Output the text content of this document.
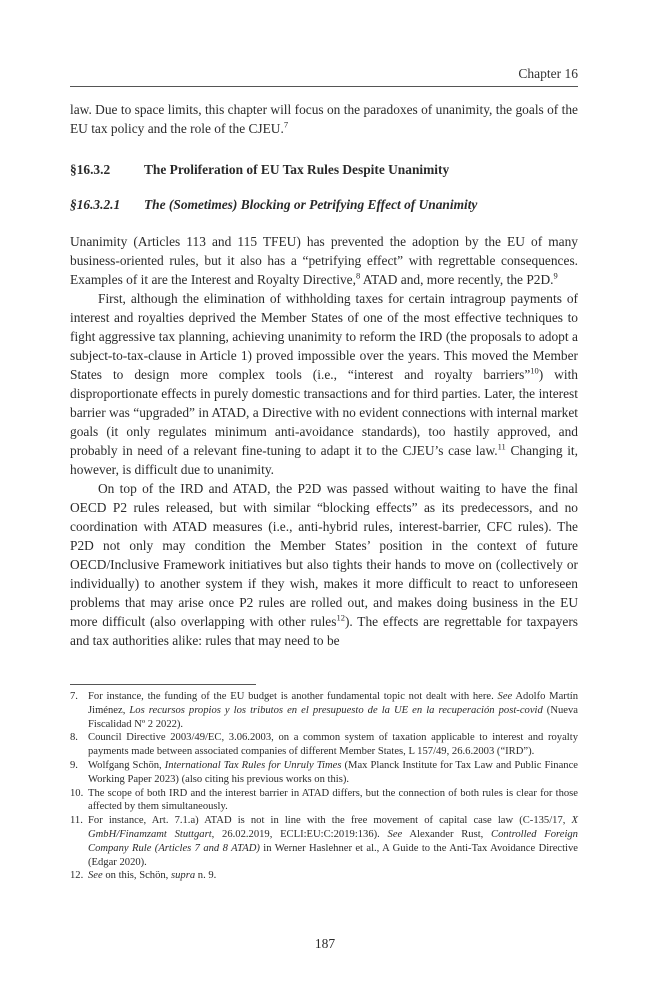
Chapter 16

law. Due to space limits, this chapter will focus on the paradoxes of unanimity, the goals of the EU tax policy and the role of the CJEU.$^7$

§16.3.2	The Proliferation of EU Tax Rules Despite Unanimity
§16.3.2.1 The (Sometimes) Blocking or Petrifying Effect of Unanimity

Unanimity (Articles 113 and 115 TFEU) has prevented the adoption by the EU of many business-oriented rules, but it also has a “petrifying effect” with regrettable consequences. Examples of it are the Interest and Royalty Directive,$^8$ ATAD and, more recently, the P2D.$^9$

First, although the elimination of withholding taxes for certain intragroup payments of interest and royalties deprived the Member States of one of the most effective techniques to fight aggressive tax planning, achieving unanimity to reform the IRD (the proposals to adopt a subject-to-tax-clause in Article 1) proved impossible over the years. This moved the Member States to design more complex tools (i.e., “interest and royalty barriers”$^{10}$) with disproportionate effects in purely domestic transactions and for third parties. Later, the interest barrier was “upgraded” in ATAD, a Directive with no evident connections with internal market goals (it only regulates minimum anti-avoidance standards), too hastily approved, and probably in need of a relevant fine-tuning to adapt it to the CJEU’s case law.$^{11}$ Changing it, however, is difficult due to unanimity.

On top of the IRD and ATAD, the P2D was passed without waiting to have the final OECD P2 rules released, but with similar “blocking effects” as its predecessors, and no coordination with ATAD measures (i.e., anti-hybrid rules, interest-barrier, CFC rules). The P2D not only may condition the Member States’ position in the context of future OECD/Inclusive Framework initiatives but also tights their hands to move on (collectively or individually) to another system if they wish, makes it more difficult to react to unforeseen problems that may arise once P2 rules are rolled out, and makes doing business in the EU more difficult (also overlapping with other rules$^{12}$). The effects are regrettable for taxpayers and tax authorities alike: rules that may need to be

7. For instance, the funding of the EU budget is another fundamental topic not dealt with here. See Adolfo Martín Jiménez, Los recursos propios y los tributos en el presupuesto de la UE en la recuperación post-covid (Nueva Fiscalidad Nº 2 2022).
8. Council Directive 2003/49/EC, 3.06.2003, on a common system of taxation applicable to interest and royalty payments made between associated companies of different Member States, L 157/49, 26.6.2003 (“IRD”).
9. Wolfgang Schön, International Tax Rules for Unruly Times (Max Planck Institute for Tax Law and Public Finance Working Paper 2023) (also citing his previous works on this).
10. The scope of both IRD and the interest barrier in ATAD differs, but the connection of both rules is clear for those affected by them simultaneously.
11. For instance, Art. 7.1.a) ATAD is not in line with the free movement of capital case law (C-135/17, X GmbH/Finamzamt Stuttgart, 26.02.2019, ECLI:EU:C:2019:136). See Alexander Rust, Controlled Foreign Company Rule (Articles 7 and 8 ATAD) in Werner Haslehner et al., A Guide to the Anti-Tax Avoidance Directive (Edgar 2020).
12. See on this, Schön, supra n. 9.
187
